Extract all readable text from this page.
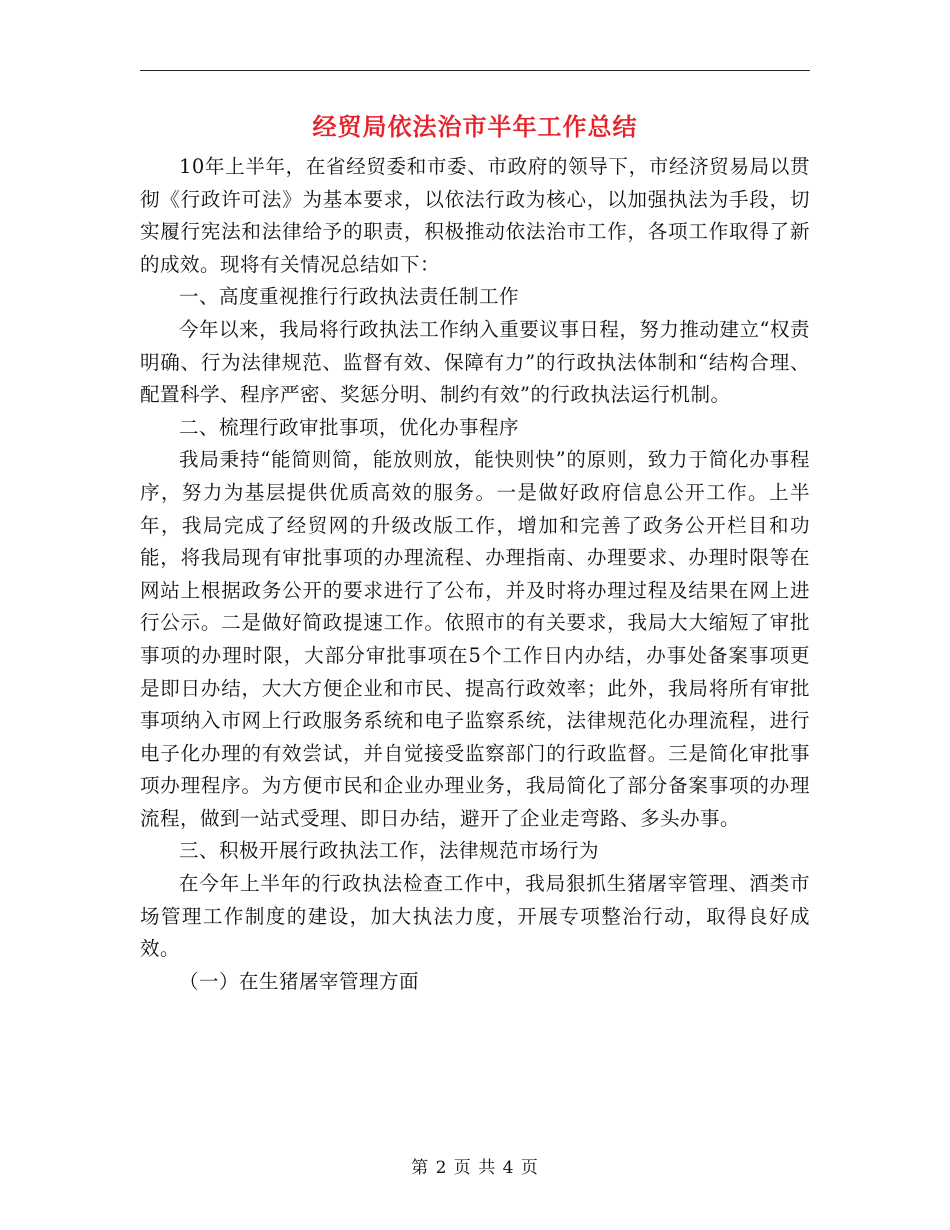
经贸局依法治市半年工作总结

10年上半年，在省经贸委和市委、市政府的领导下，市经济贸易局以贯彻《行政许可法》为基本要求，以依法行政为核心，以加强执法为手段，切实履行宪法和法律给予的职责，积极推动依法治市工作，各项工作取得了新的成效。现将有关情况总结如下：

一、高度重视推行行政执法责任制工作

今年以来，我局将行政执法工作纳入重要议事日程，努力推动建立“权责明确、行为法律规范、监督有效、保障有力”的行政执法体制和“结构合理、配置科学、程序严密、奖惩分明、制约有效”的行政执法运行机制。

二、梳理行政审批事项，优化办事程序

我局秉持“能简则简，能放则放，能快则快”的原则，致力于简化办事程序，努力为基层提供优质高效的服务。一是做好政府信息公开工作。上半年，我局完成了经贸网的升级改版工作，增加和完善了政务公开栏目和功能，将我局现有审批事项的办理流程、办理指南、办理要求、办理时限等在网站上根据政务公开的要求进行了公布，并及时将办理过程及结果在网上进行公示。二是做好简政提速工作。依照市的有关要求，我局大大缩短了审批事项的办理时限，大部分审批事项在5个工作日内办结，办事处备案事项更是即日办结，大大方便企业和市民、提高行政效率；此外，我局将所有审批事项纳入市网上行政服务系统和电子监察系统，法律规范化办理流程，进行电子化办理的有效尝试，并自觉接受监察部门的行政监督。三是简化审批事项办理程序。为方便市民和企业办理业务，我局简化了部分备案事项的办理流程，做到一站式受理、即日办结，避开了企业走弯路、多头办事。

三、积极开展行政执法工作，法律规范市场行为

在今年上半年的行政执法检查工作中，我局狠抓生猪屠宰管理、酒类市场管理工作制度的建设，加大执法力度，开展专项整治行动，取得良好成效。

（一）在生猪屠宰管理方面

第 2 页 共 4 页
